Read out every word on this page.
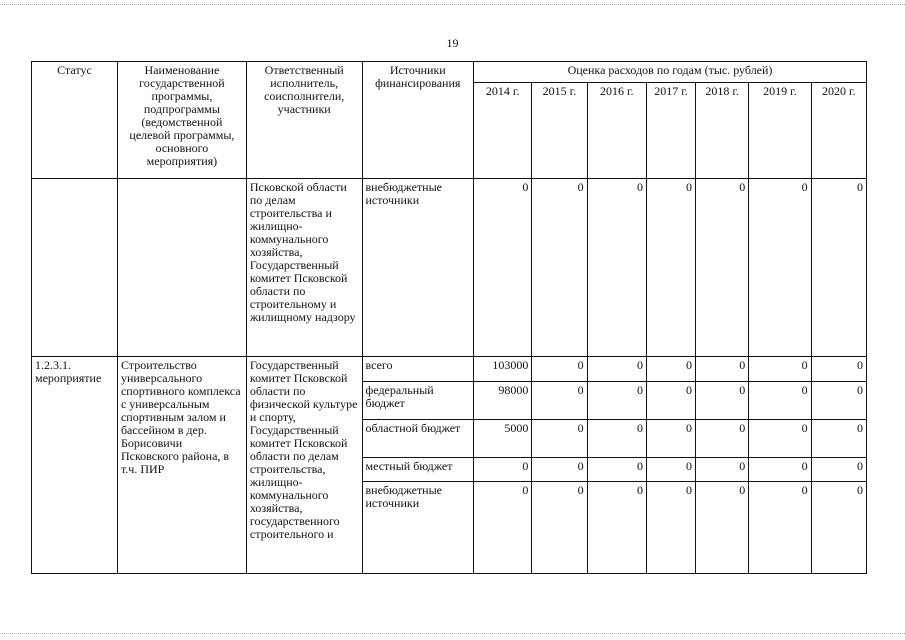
19
Статус	Наименование государственной программы, подпрограммы (ведомственной целевой программы, основного мероприятия)	Ответственный исполнитель, соисполнители, участники	Источники финансирования	Оценка расходов по годам (тыс. рублей)						
				2014 г.	2015 г.	2016 г.	2017 г.	2018 г.	2019 г.	2020 г.
		Псковской области по делам строительства и жилищно-коммунального хозяйства, Государственный комитет Псковской области по строительному и жилищному надзору	внебюджетные источники	0	0	0	0	0	0	0
1.2.3.1. мероприятие	Строительство универсального спортивного комплекса с универсальным спортивным залом и бассейном в дер. Борисовичи Псковского района, в т.ч. ПИР	Государственный комитет Псковской области по физической культуре и спорту, Государственный комитет Псковской области по делам строительства, жилищно-коммунального хозяйства, государственного строительного и	всего	103000	0	0	0	0	0	0
			федеральный бюджет	98000	0	0	0	0	0	0
			областной бюджет	5000	0	0	0	0	0	0
			местный бюджет	0	0	0	0	0	0	0
			внебюджетные источники	0	0	0	0	0	0	0
